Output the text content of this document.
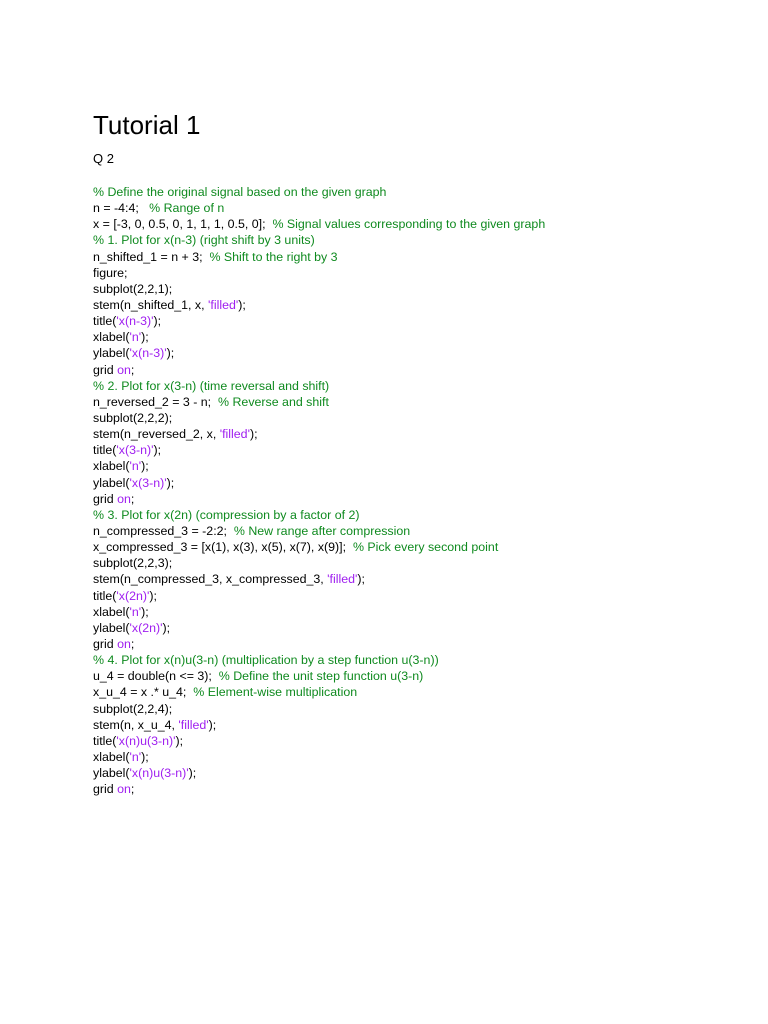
Tutorial 1
Q 2
% Define the original signal based on the given graph
n = -4:4;   % Range of n
x = [-3, 0, 0.5, 0, 1, 1, 1, 0.5, 0];  % Signal values corresponding to the given graph
% 1. Plot for x(n-3) (right shift by 3 units)
n_shifted_1 = n + 3;  % Shift to the right by 3
figure;
subplot(2,2,1);
stem(n_shifted_1, x, 'filled');
title('x(n-3)');
xlabel('n');
ylabel('x(n-3)');
grid on;
% 2. Plot for x(3-n) (time reversal and shift)
n_reversed_2 = 3 - n;  % Reverse and shift
subplot(2,2,2);
stem(n_reversed_2, x, 'filled');
title('x(3-n)');
xlabel('n');
ylabel('x(3-n)');
grid on;
% 3. Plot for x(2n) (compression by a factor of 2)
n_compressed_3 = -2:2;  % New range after compression
x_compressed_3 = [x(1), x(3), x(5), x(7), x(9)];  % Pick every second point
subplot(2,2,3);
stem(n_compressed_3, x_compressed_3, 'filled');
title('x(2n)');
xlabel('n');
ylabel('x(2n)');
grid on;
% 4. Plot for x(n)u(3-n) (multiplication by a step function u(3-n))
u_4 = double(n <= 3);  % Define the unit step function u(3-n)
x_u_4 = x .* u_4;  % Element-wise multiplication
subplot(2,2,4);
stem(n, x_u_4, 'filled');
title('x(n)u(3-n)');
xlabel('n');
ylabel('x(n)u(3-n)');
grid on;
